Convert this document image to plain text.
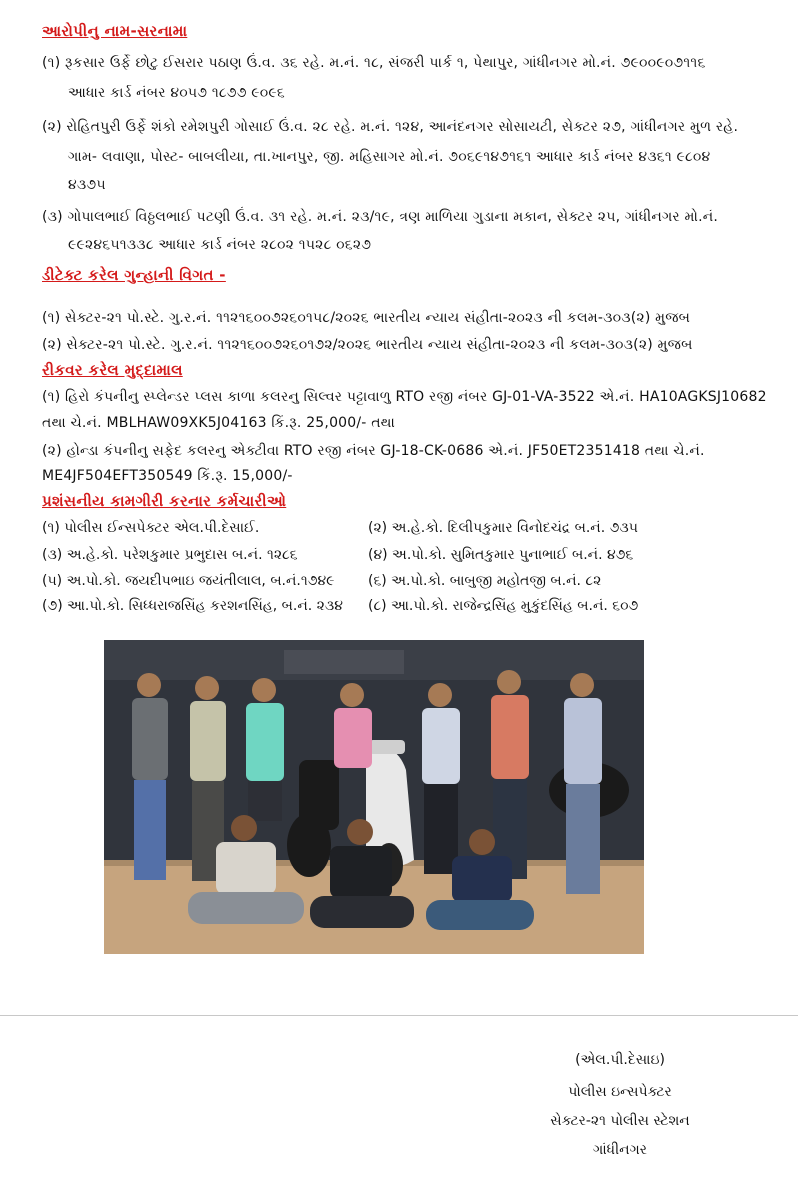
આરોપીનુ નામ-સરનામા
(૧) રૂકસાર ઉર્ફે છોટુ ઈસરાર પઠાણ ઉં.વ. ૩૬ રહે. મ.નં. ૧૮, સંજરી પાર્ક ૧, પેથાપુર, ગાંધીનગર મો.નં. ૭૯૦૦૯૦૭૧૧૬
આધાર કાર્ડ નંબર ૪૦૫૭ ૧૮૭૭ ૯૦૯૬
(૨) રોહિતપુરી ઉર્ફે શંકો રમેશપુરી ગોસાઈ ઉં.વ. ૨૮ રહે. મ.નં. ૧૨૪, આનંદનગર સોસાયટી, સેક્ટર ૨૭, ગાંધીનગર મુળ રહે.
ગામ- લવાણા, પોસ્ટ- બાબલીયા, તા.ખાનપુર, જી. મહિસાગર મો.નં. ૭૦૬૯૧૪૭૧૬૧ આધાર કાર્ડ નંબર ૪૩૬૧ ૯૮૦૪
૪૩૭૫
(૩) ગોપાલભાઈ વિઠ્ઠલભાઈ પટણી ઉં.વ. ૩૧ રહે. મ.નં. ૨૩/૧૯, ત્રણ માળિયા ગુડાના મકાન, સેક્ટર ૨૫, ગાંધીનગર મો.નં.
૯૯૨૪૬૫૧૩૩૮ આધાર કાર્ડ નંબર ૨૮૦૨ ૧૫૨૮ ૦૬૨૭
ડીટેક્ટ કરેલ ગુન્હાની વિગત -
(૧) સેક્ટર-૨૧ પો.સ્ટે. ગુ.ર.નં. ૧૧૨૧૬૦૦૭૨૬૦૧૫૮/૨૦૨૬ ભારતીય ન્યાય સંહીતા-૨૦૨૩ ની કલમ-૩૦૩(૨) મુજબ
(૨) સેક્ટર-૨૧ પો.સ્ટે. ગુ.ર.નં. ૧૧૨૧૬૦૦૭૨૬૦૧૭૨/૨૦૨૬ ભારતીય ન્યાય સંહીતા-૨૦૨૩ ની કલમ-૩૦૩(૨) મુજબ
રીકવર કરેલ મુદ્દામાલ
(૧) હિરો કંપનીનુ સ્પ્લેન્ડર પ્લસ કાળા કલરનુ સિલ્વર પટ્ટાવાળુ RTO રજી નંબર GJ-01-VA-3522 એ.નં. HA10AGKSJ10682
તથા ચે.નં. MBLHAW09XK5J04163 કિં.રૂ. 25,000/- તથા
(૨) હોન્ડા કંપનીનુ સફેદ કલરનુ એક્ટીવા RTO રજી નંબર GJ-18-CK-0686 એ.નં. JF50ET2351418 તથા ચે.નં.
ME4JF504EFT350549 કિં.રૂ. 15,000/-
પ્રશંસનીય કામગીરી કરનાર કર્મચારીઓ
(૧) પોલીસ ઈન્સપેક્ટર એલ.પી.દેસાઈ.
(૩) અ.હે.કો. પરેશકુમાર પ્રભુદાસ બ.નં. ૧૨૮૬
(૫) અ.પો.કો. જયદીપભાઇ જયંતીલાલ, બ.નં.૧૭૪૯
(૭) આ.પો.કો. સિધ્ધરાજસિંહ કરશનસિંહ, બ.નં. ૨૩૪
(૨) અ.હે.કો. દિલીપકુમાર વિનોદચંદ્ર બ.નં. ૭૩૫
(૪) અ.પો.કો. સુમિતકુમાર પુનાભાઈ બ.નં. ૪૭૬
(૬) અ.પો.કો. બાબુજી મહોતજી બ.નં. ૮૨
(૮) આ.પો.કો. રાજેન્દ્રસિંહ મુકુંદસિંહ બ.નં. ૬૦૭
(એલ.પી.દેસાઇ)
પોલીસ ઇન્સપેક્ટર
સેક્ટર-૨૧ પોલીસ સ્ટેશન
ગાંધીનગર
